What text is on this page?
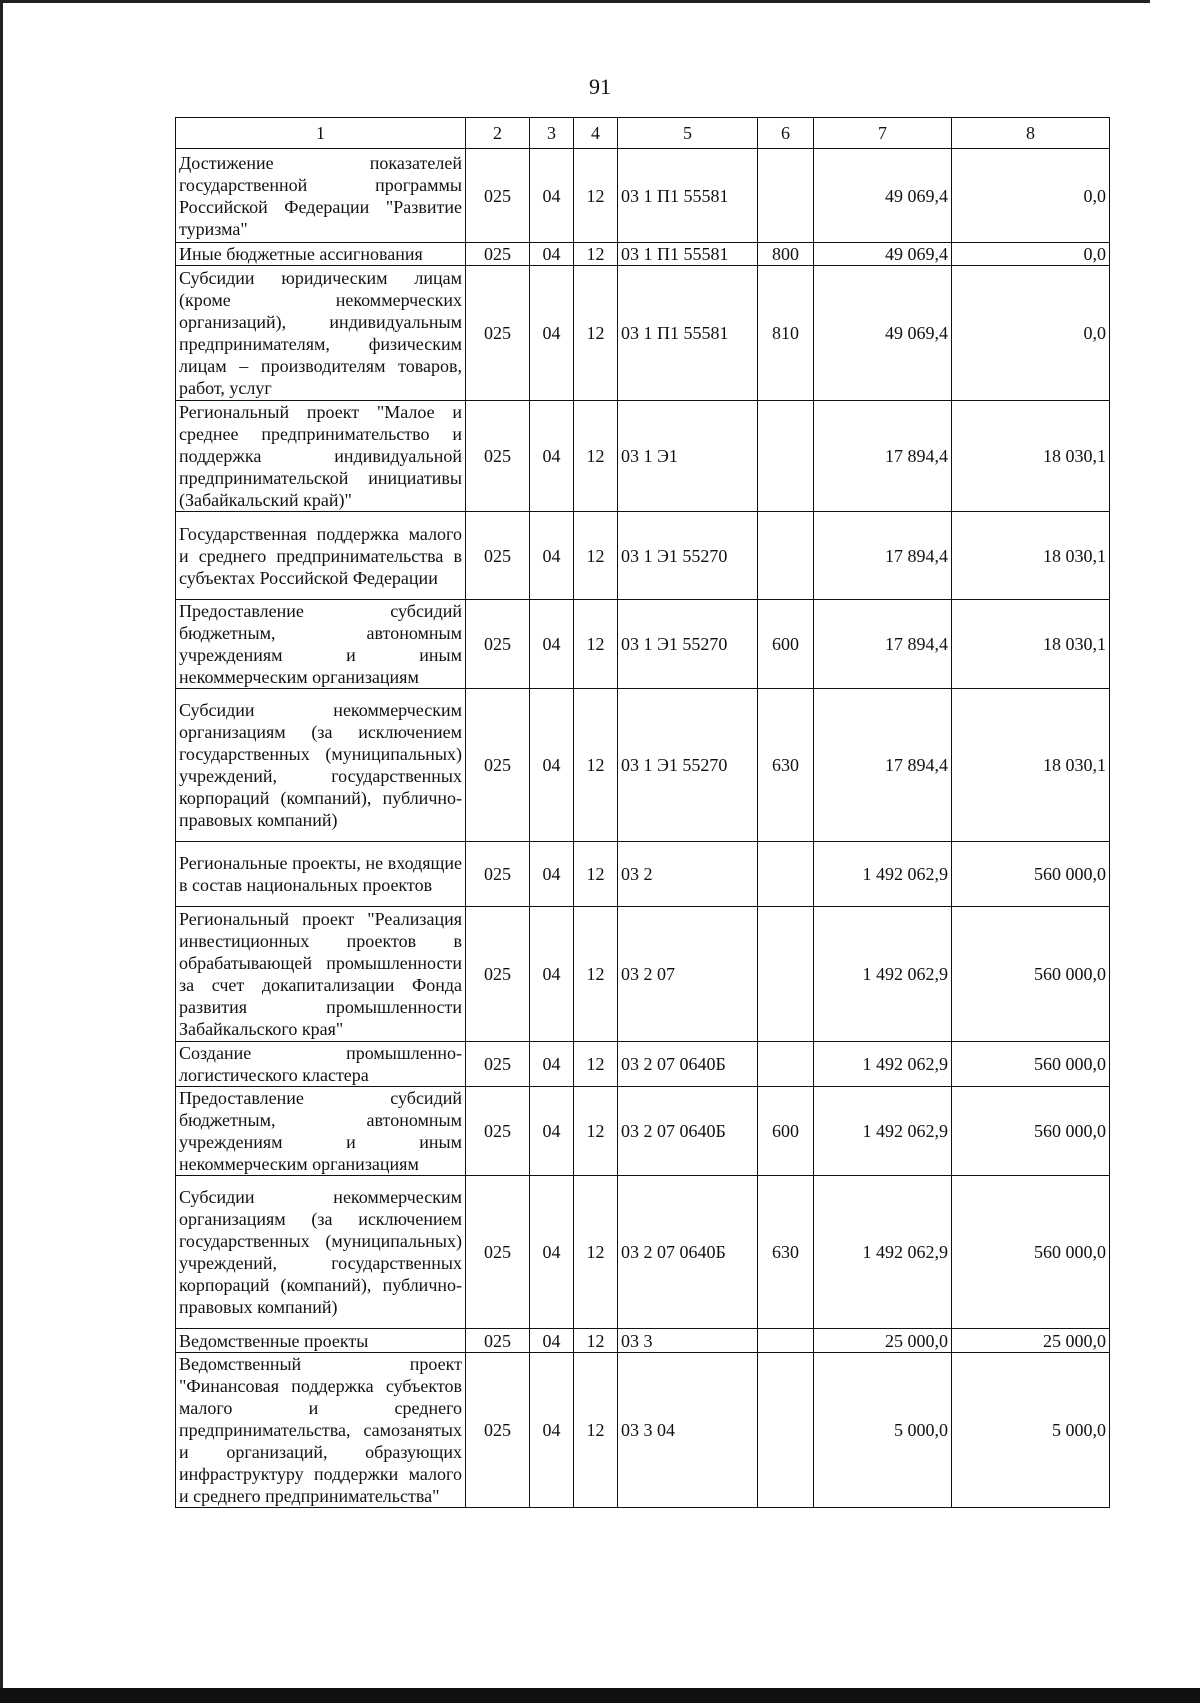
91
1	2	3	4	5	6	7	8
Достижение показателей государственной программы Российской Федерации "Развитие туризма"	025	04	12	03 1 П1 55581		49 069,4	0,0
Иные бюджетные ассигнования	025	04	12	03 1 П1 55581	800	49 069,4	0,0
Субсидии юридическим лицам (кроме некоммерческих организаций), индивидуальным предпринимателям, физическим лицам – производителям товаров, работ, услуг	025	04	12	03 1 П1 55581	810	49 069,4	0,0
Региональный проект "Малое и среднее предпринимательство и поддержка индивидуальной предпринимательской инициативы (Забайкальский край)"	025	04	12	03 1 Э1		17 894,4	18 030,1
Государственная поддержка малого и среднего предпринимательства в субъектах Российской Федерации	025	04	12	03 1 Э1 55270		17 894,4	18 030,1
Предоставление субсидий бюджетным, автономным учреждениям и иным некоммерческим организациям	025	04	12	03 1 Э1 55270	600	17 894,4	18 030,1
Субсидии некоммерческим организациям (за исключением государственных (муниципальных) учреждений, государственных корпораций (компаний), публично-правовых компаний)	025	04	12	03 1 Э1 55270	630	17 894,4	18 030,1
Региональные проекты, не входящие в состав национальных проектов	025	04	12	03 2		1 492 062,9	560 000,0
Региональный проект "Реализация инвестиционных проектов в обрабатывающей промышленности за счет докапитализации Фонда развития промышленности Забайкальского края"	025	04	12	03 2 07		1 492 062,9	560 000,0
Создание промышленно-логистического кластера	025	04	12	03 2 07 0640Б		1 492 062,9	560 000,0
Предоставление субсидий бюджетным, автономным учреждениям и иным некоммерческим организациям	025	04	12	03 2 07 0640Б	600	1 492 062,9	560 000,0
Субсидии некоммерческим организациям (за исключением государственных (муниципальных) учреждений, государственных корпораций (компаний), публично-правовых компаний)	025	04	12	03 2 07 0640Б	630	1 492 062,9	560 000,0
Ведомственные проекты	025	04	12	03 3		25 000,0	25 000,0
Ведомственный проект "Финансовая поддержка субъектов малого и среднего предпринимательства, самозанятых и организаций, образующих инфраструктуру поддержки малого и среднего предпринимательства"	025	04	12	03 3 04		5 000,0	5 000,0
